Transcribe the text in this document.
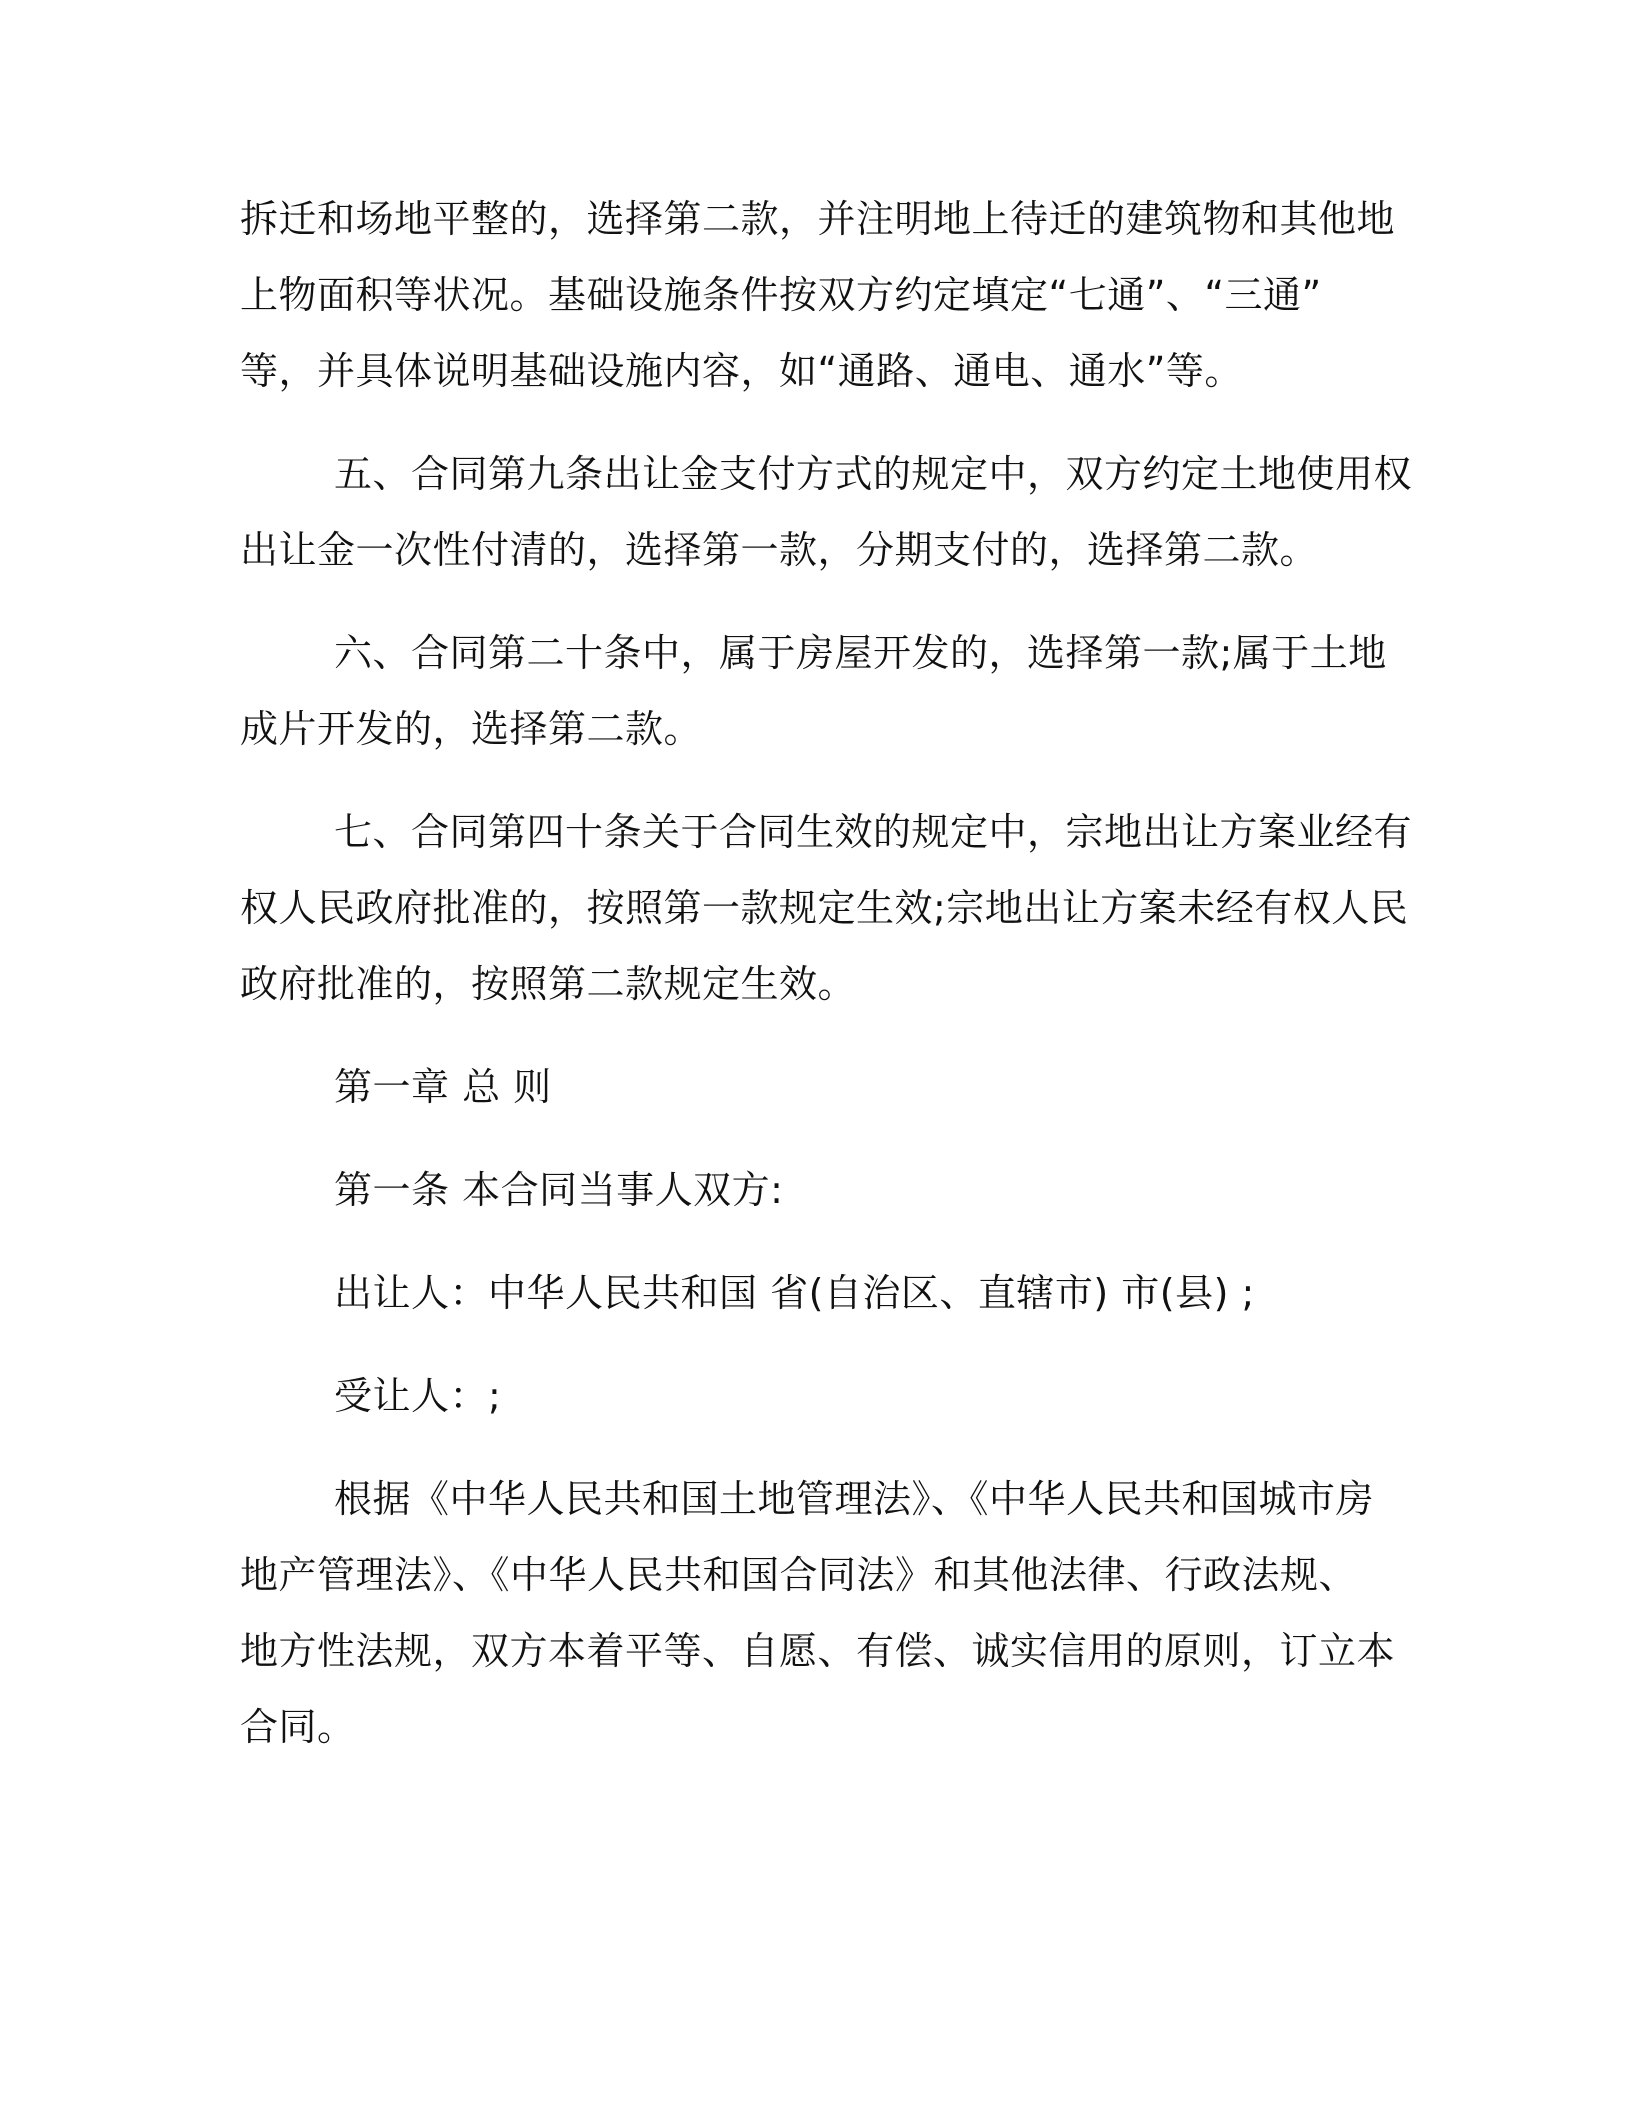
拆迁和场地平整的，选择第二款，并注明地上待迁的建筑物和其他地
上物面积等状况。基础设施条件按双方约定填定“七通”、“三通”
等，并具体说明基础设施内容，如“通路、通电、通水”等。
五、合同第九条出让金支付方式的规定中，双方约定土地使用权
出让金一次性付清的，选择第一款，分期支付的，选择第二款。
六、合同第二十条中，属于房屋开发的，选择第一款;属于土地
成片开发的，选择第二款。
七、合同第四十条关于合同生效的规定中，宗地出让方案业经有
权人民政府批准的，按照第一款规定生效;宗地出让方案未经有权人民
政府批准的，按照第二款规定生效。
第一章 总 则
第一条 本合同当事人双方:
出让人：中华人民共和国 省(自治区、直辖市) 市(县) ;
受让人：;
根据《中华人民共和国土地管理法》、《中华人民共和国城市房
地产管理法》、《中华人民共和国合同法》和其他法律、行政法规、
地方性法规，双方本着平等、自愿、有偿、诚实信用的原则，订立本
合同。
